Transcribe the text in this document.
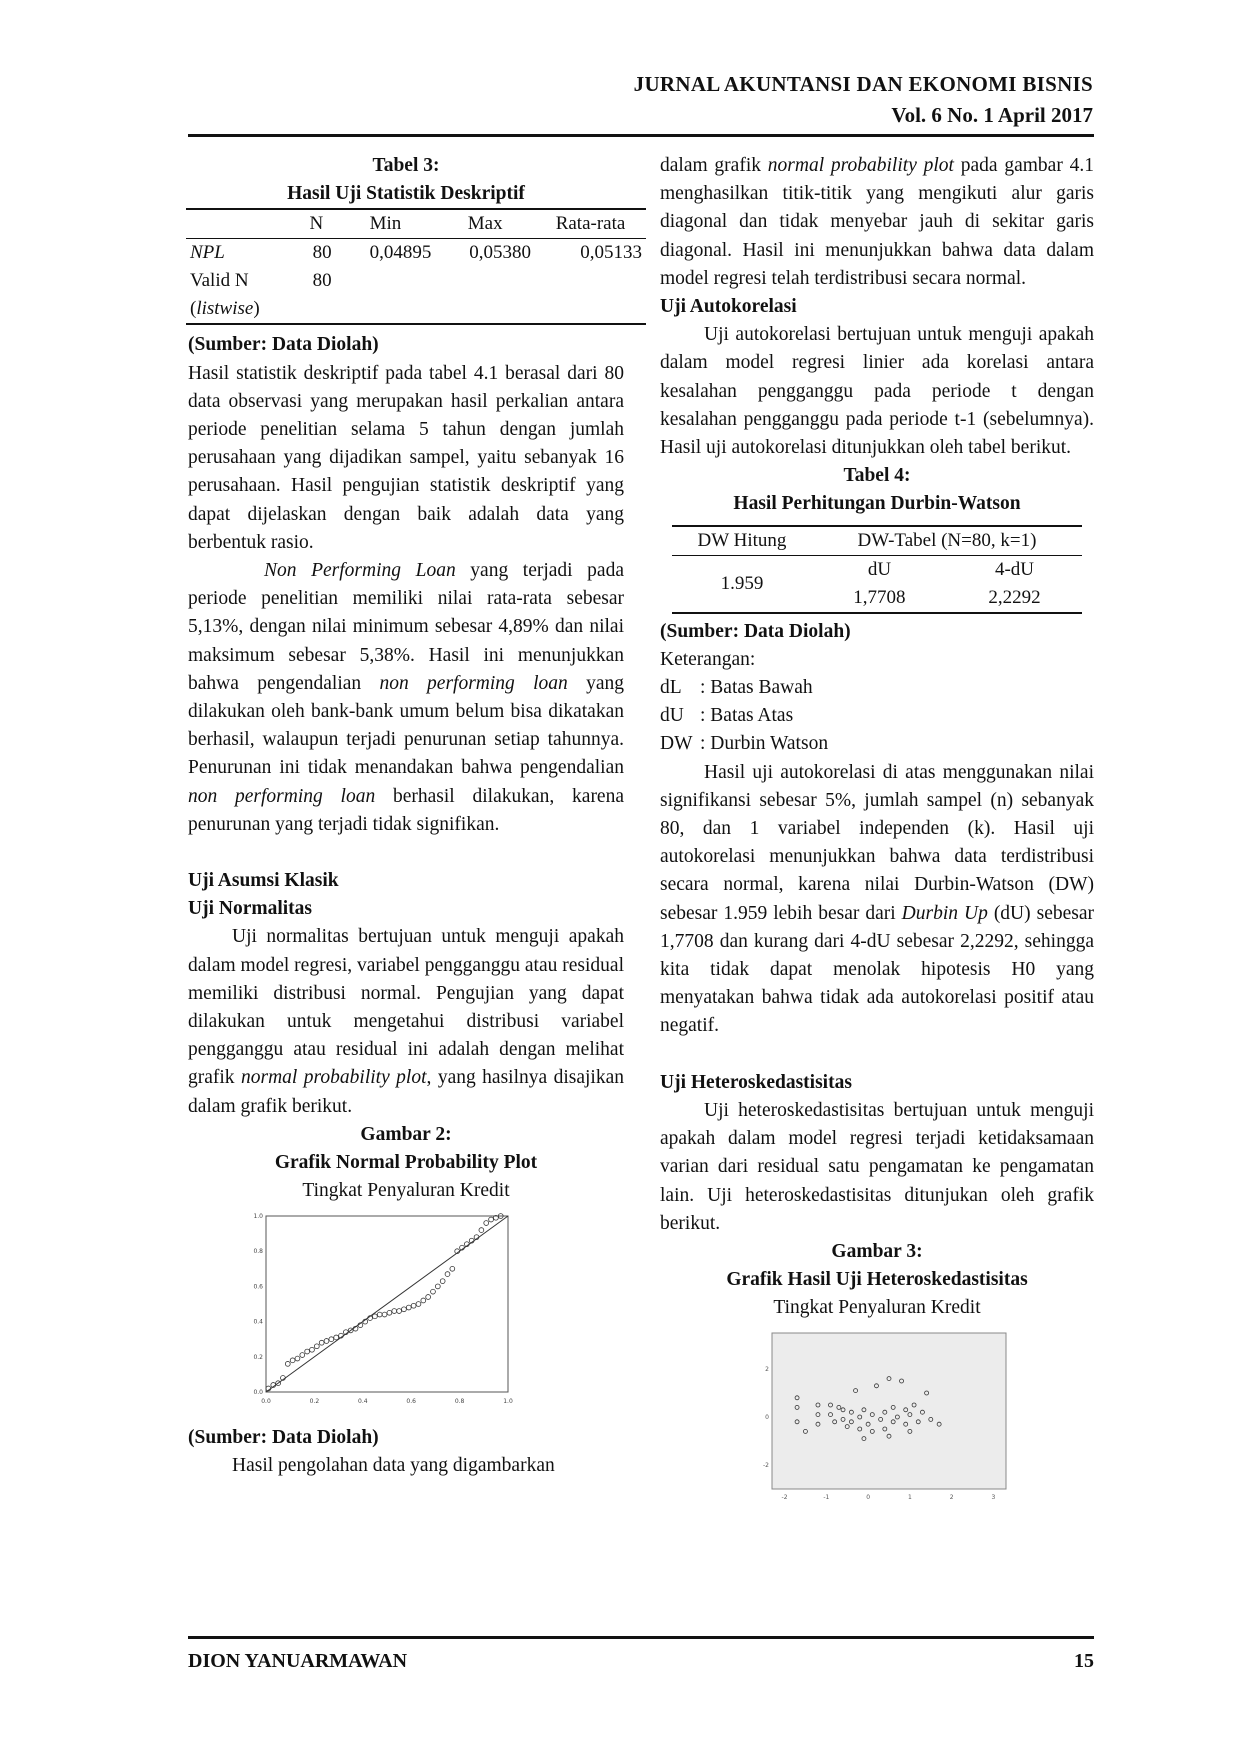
JURNAL AKUNTANSI DAN EKONOMI BISNIS
Vol. 6 No. 1 April 2017
Tabel 3:
Hasil Uji Statistik Deskriptif
	N	Min	Max	Rata-rata
NPL	80	0,04895	0,05380	0,05133
Valid N
(listwise)	80			
(Sumber: Data Diolah)

Hasil statistik deskriptif pada tabel 4.1 berasal dari 80 data observasi yang merupakan hasil perkalian antara periode penelitian selama 5 tahun dengan jumlah perusahaan yang dijadikan sampel, yaitu sebanyak 16 perusahaan. Hasil pengujian statistik deskriptif yang dapat dijelaskan dengan baik adalah data yang berbentuk rasio.

Non Performing Loan yang terjadi pada periode penelitian memiliki nilai rata-rata sebesar 5,13%, dengan nilai minimum sebesar 4,89% dan nilai maksimum sebesar 5,38%. Hasil ini menunjukkan bahwa pengendalian non performing loan yang dilakukan oleh bank-bank umum belum bisa dikatakan berhasil, walaupun terjadi penurunan setiap tahunnya. Penurunan ini tidak menandakan bahwa pengendalian non performing loan berhasil dilakukan, karena penurunan yang terjadi tidak signifikan.

Uji Asumsi Klasik
Uji Normalitas

Uji normalitas bertujuan untuk menguji apakah dalam model regresi, variabel pengganggu atau residual memiliki distribusi normal. Pengujian yang dapat dilakukan untuk mengetahui distribusi variabel pengganggu atau residual ini adalah dengan melihat grafik normal probability plot, yang hasilnya disajikan dalam grafik berikut.

Gambar 2:
Grafik Normal Probability Plot
Tingkat Penyaluran Kredit
0.0
0.0
0.2
0.2
0.4
0.4
0.6
0.6
0.8
0.8
1.0
1.0
(Sumber: Data Diolah)

Hasil pengolahan data yang digambarkan

dalam grafik normal probability plot pada gambar 4.1 menghasilkan titik-titik yang mengikuti alur garis diagonal dan tidak menyebar jauh di sekitar garis diagonal. Hasil ini menunjukkan bahwa data dalam model regresi telah terdistribusi secara normal.

Uji Autokorelasi

Uji autokorelasi bertujuan untuk menguji apakah dalam model regresi linier ada korelasi antara kesalahan pengganggu pada periode t dengan kesalahan pengganggu pada periode t-1 (sebelumnya). Hasil uji autokorelasi ditunjukkan oleh tabel berikut.

Tabel 4:
Hasil Perhitungan Durbin-Watson
DW Hitung	DW-Tabel (N=80, k=1)	
1.959	dU	4-dU
	1,7708	2,2292
(Sumber: Data Diolah)
Keterangan:
dL : Batas Bawah
dU : Batas Atas
DW : Durbin Watson

Hasil uji autokorelasi di atas menggunakan nilai signifikansi sebesar 5%, jumlah sampel (n) sebanyak 80, dan 1 variabel independen (k). Hasil uji autokorelasi menunjukkan bahwa data terdistribusi secara normal, karena nilai Durbin-Watson (DW) sebesar 1.959 lebih besar dari Durbin Up (dU) sebesar 1,7708 dan kurang dari 4-dU sebesar 2,2292, sehingga kita tidak dapat menolak hipotesis H0 yang menyatakan bahwa tidak ada autokorelasi positif atau negatif.

Uji Heteroskedastisitas

Uji heteroskedastisitas bertujuan untuk menguji apakah dalam model regresi terjadi ketidaksamaan varian dari residual satu pengamatan ke pengamatan lain. Uji heteroskedastisitas ditunjukan oleh grafik berikut.

Gambar 3:
Grafik Hasil Uji Heteroskedastisitas
Tingkat Penyaluran Kredit
-2	-1	0	1	2	3
-2
0
2
DION YANUARMAWAN	15
